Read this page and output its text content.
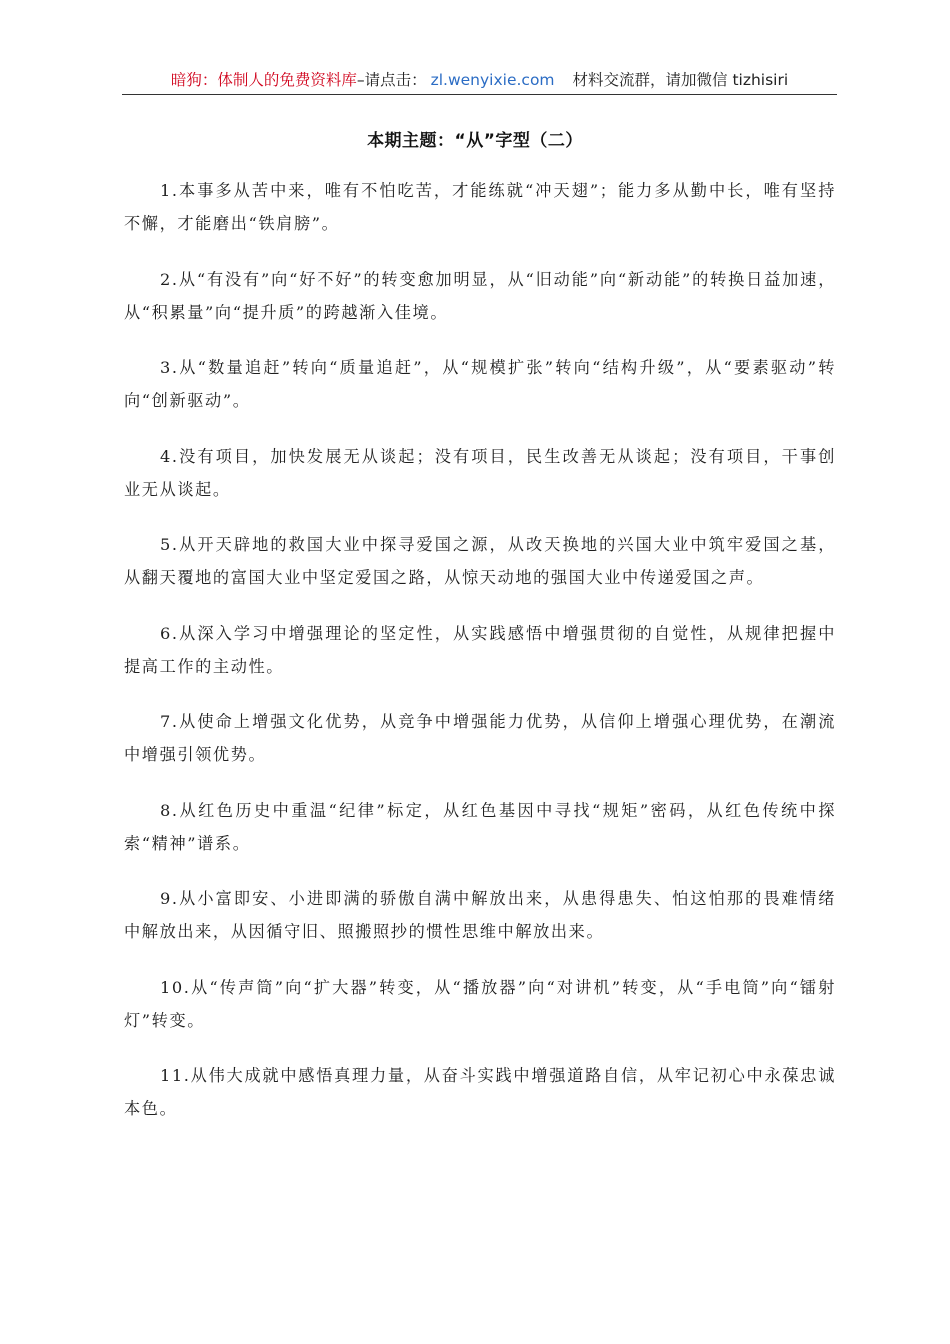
暗狗：体制人的免费资料库–请点击： zl.wenyixie.com 材料交流群，请加微信 tizhisiri
本期主题：“从”字型（二）

1.本事多从苦中来，唯有不怕吃苦，才能练就“冲天翅”；能力多从勤中长，唯有坚持不懈，才能磨出“铁肩膀”。

2.从“有没有”向“好不好”的转变愈加明显，从“旧动能”向“新动能”的转换日益加速，从“积累量”向“提升质”的跨越渐入佳境。

3.从“数量追赶”转向“质量追赶”，从“规模扩张”转向“结构升级”，从“要素驱动”转向“创新驱动”。

4.没有项目，加快发展无从谈起；没有项目，民生改善无从谈起；没有项目，干事创业无从谈起。

5.从开天辟地的救国大业中探寻爱国之源，从改天换地的兴国大业中筑牢爱国之基，从翻天覆地的富国大业中坚定爱国之路，从惊天动地的强国大业中传递爱国之声。

6.从深入学习中增强理论的坚定性，从实践感悟中增强贯彻的自觉性，从规律把握中提高工作的主动性。

7.从使命上增强文化优势，从竞争中增强能力优势，从信仰上增强心理优势，在潮流中增强引领优势。

8.从红色历史中重温“纪律”标定，从红色基因中寻找“规矩”密码，从红色传统中探索“精神”谱系。

9.从小富即安、小进即满的骄傲自满中解放出来，从患得患失、怕这怕那的畏难情绪中解放出来，从因循守旧、照搬照抄的惯性思维中解放出来。

10.从“传声筒”向“扩大器”转变，从“播放器”向“对讲机”转变，从“手电筒”向“镭射灯”转变。

11.从伟大成就中感悟真理力量，从奋斗实践中增强道路自信，从牢记初心中永葆忠诚本色。
